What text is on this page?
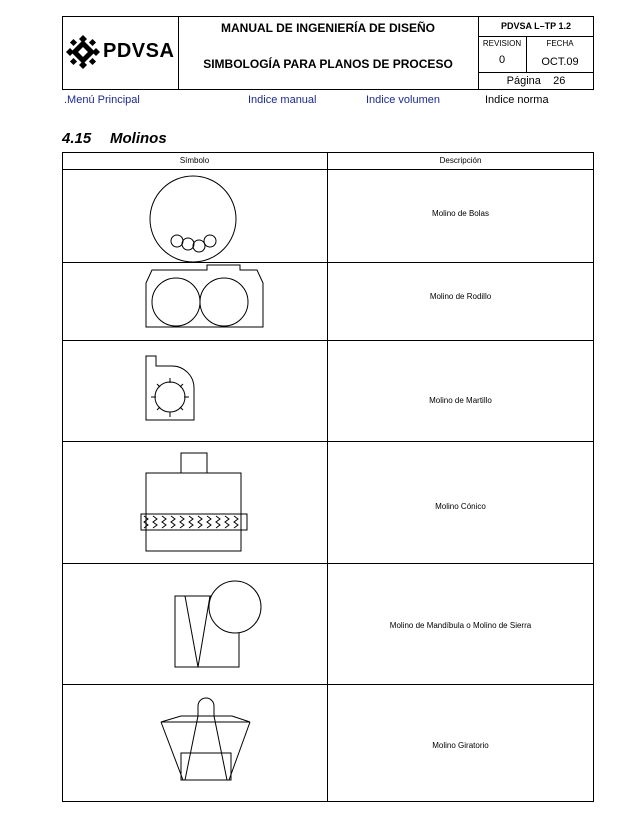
PDVSA
MANUAL DE INGENIERÍA DE DISEÑO
SIMBOLOGÍA PARA PLANOS DE PROCESO
PDVSA L–TP 1.2
REVISION	FECHA
0	OCT.09
Página 26
.Menú Principal	Indice manual	Indice volumen	Indice norma
4.15 Molinos
Símbolo	Descripción
Molino de Bolas
Molino de Rodillo
Molino de Martillo
Molino Cónico
Molino de Mandíbula o Molino de Sierra
Molino Giratorio
